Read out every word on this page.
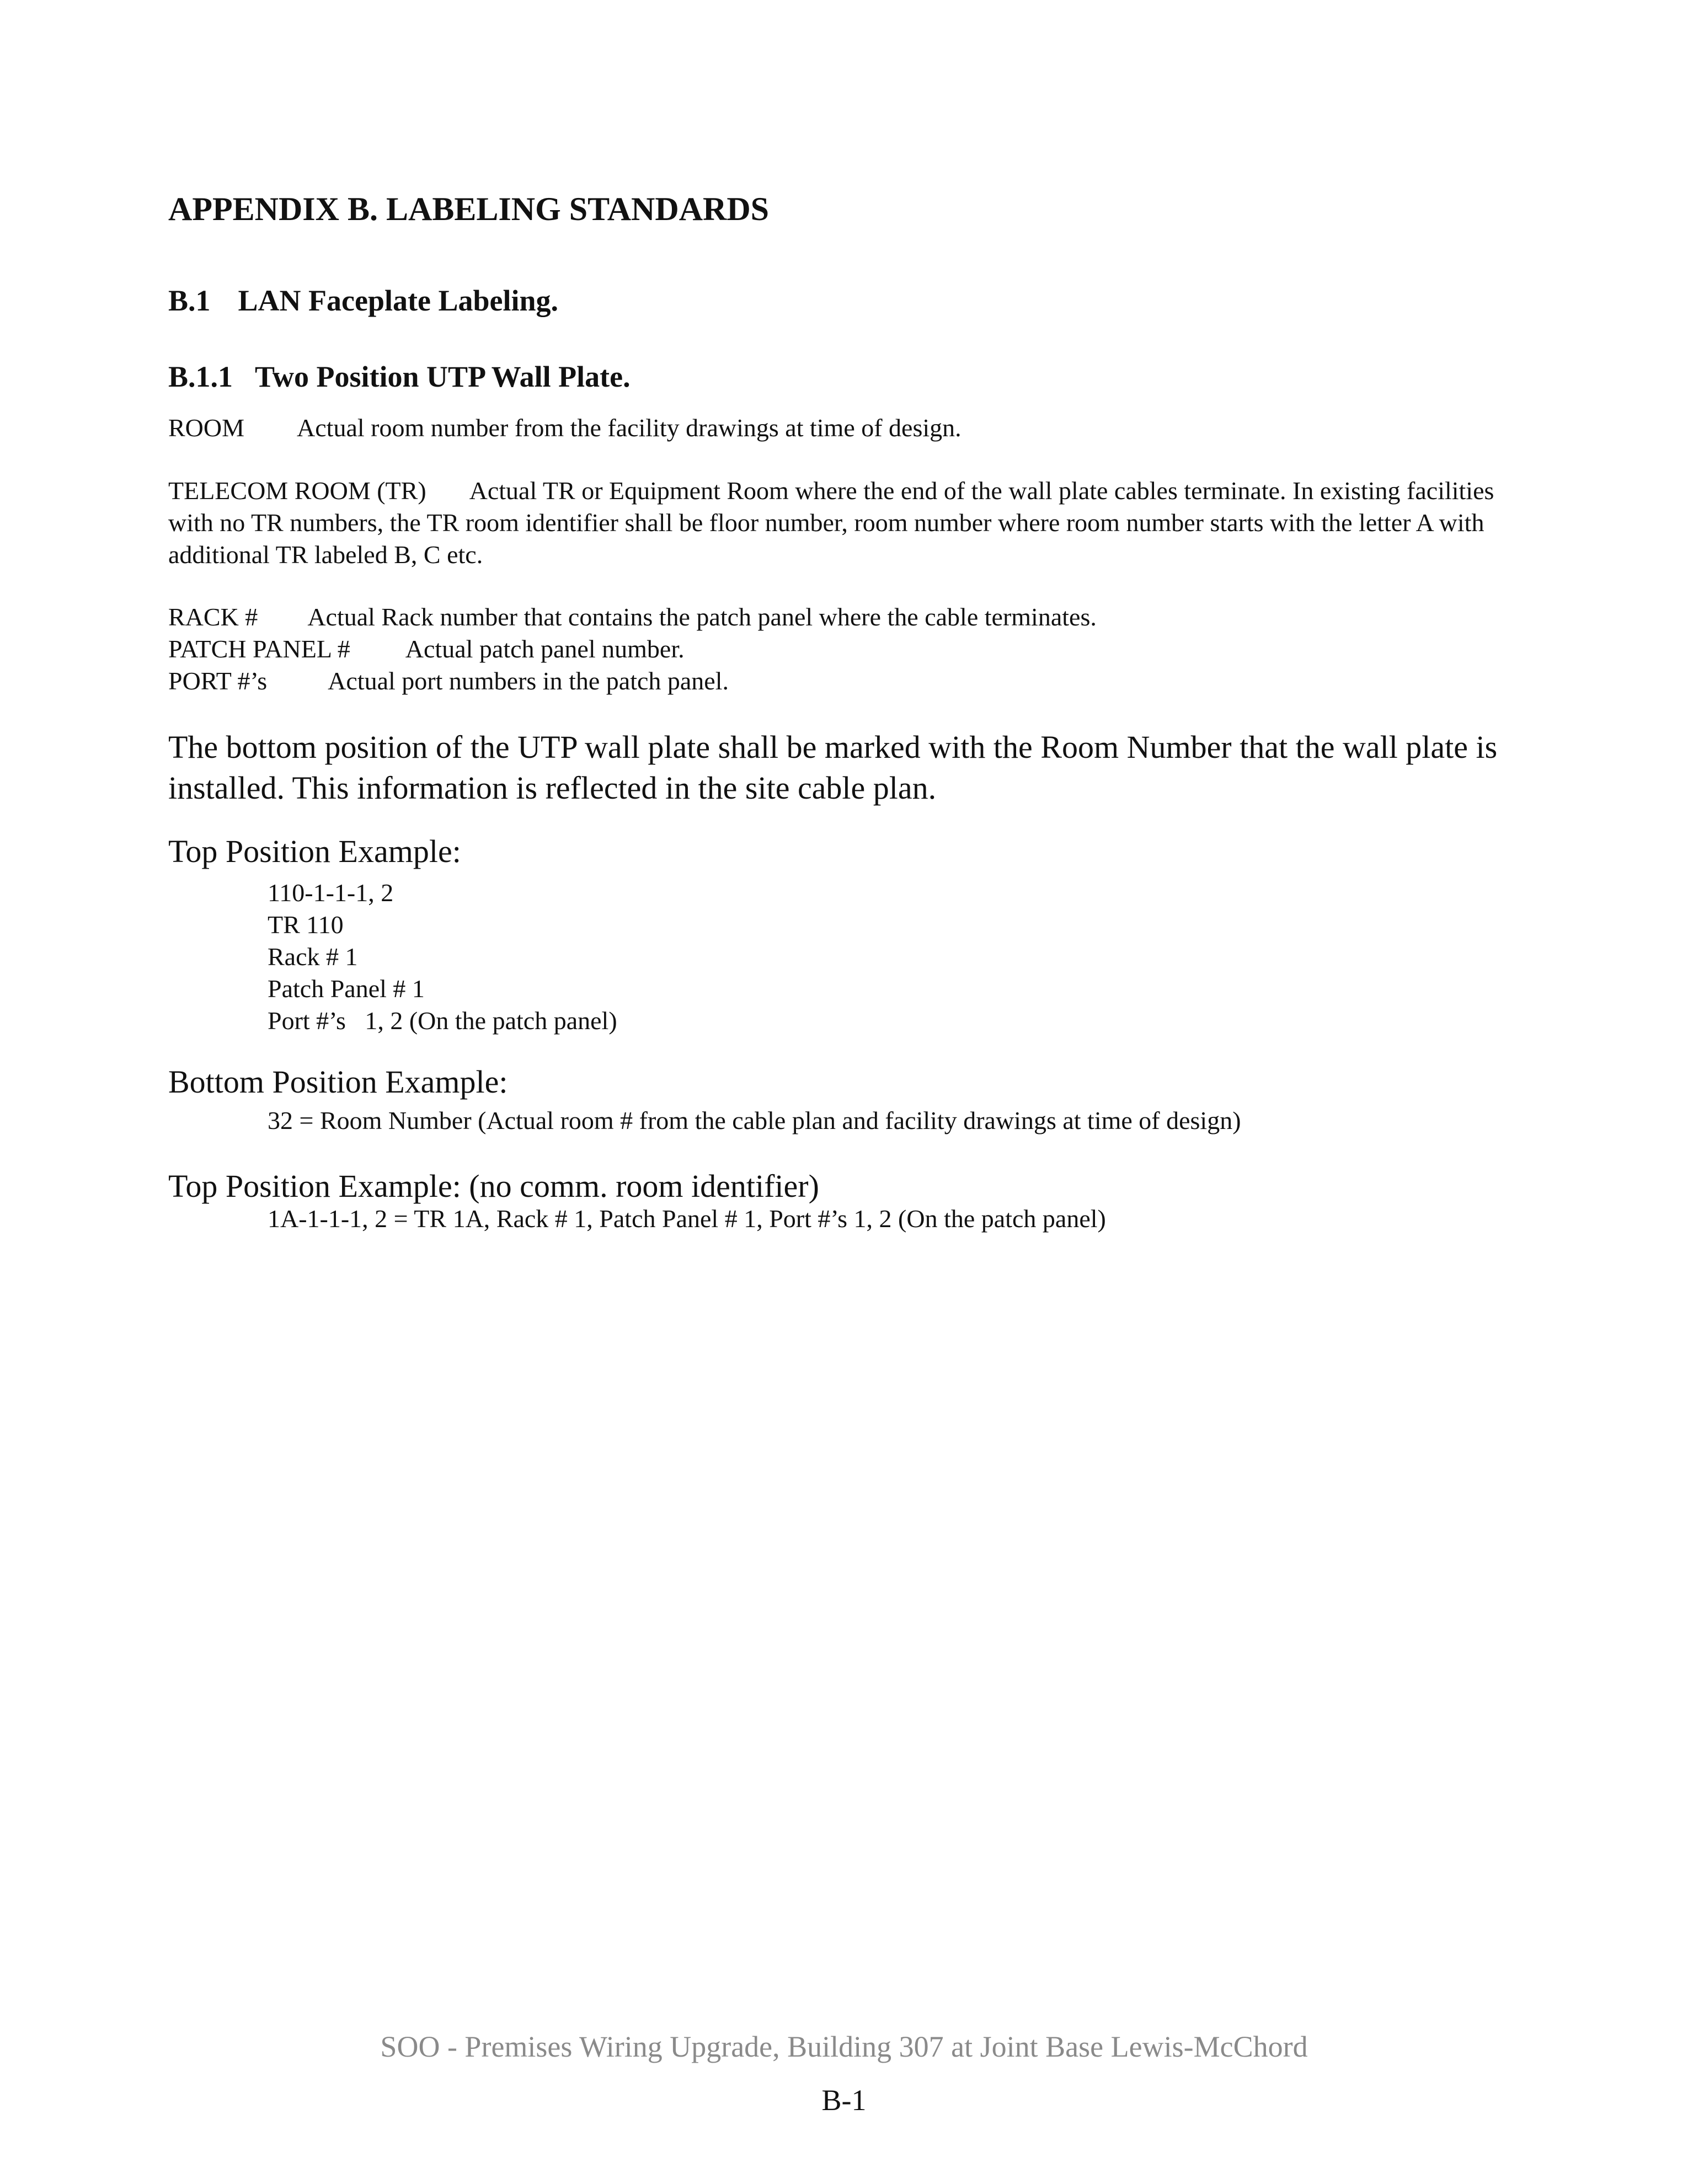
APPENDIX B. LABELING STANDARDS
B.1 LAN Faceplate Labeling.
B.1.1 Two Position UTP Wall Plate.
ROOM Actual room number from the facility drawings at time of design.
TELECOM ROOM (TR) Actual TR or Equipment Room where the end of the wall plate cables terminate. In existing facilities with no TR numbers, the TR room identifier shall be floor number, room number where room number starts with the letter A with additional TR labeled B, C etc.
RACK # Actual Rack number that contains the patch panel where the cable terminates.
PATCH PANEL # Actual patch panel number.
PORT #’s Actual port numbers in the patch panel.
The bottom position of the UTP wall plate shall be marked with the Room Number that the wall plate is installed. This information is reflected in the site cable plan.
Top Position Example:
110-1-1-1, 2
TR 110
Rack # 1
Patch Panel # 1
Port #’s   1, 2 (On the patch panel)
Bottom Position Example:
32 = Room Number (Actual room # from the cable plan and facility drawings at time of design)
Top Position Example: (no comm. room identifier)
1A-1-1-1, 2 = TR 1A, Rack # 1, Patch Panel # 1, Port #’s 1, 2 (On the patch panel)
SOO - Premises Wiring Upgrade, Building 307 at Joint Base Lewis-McChord
B-1
